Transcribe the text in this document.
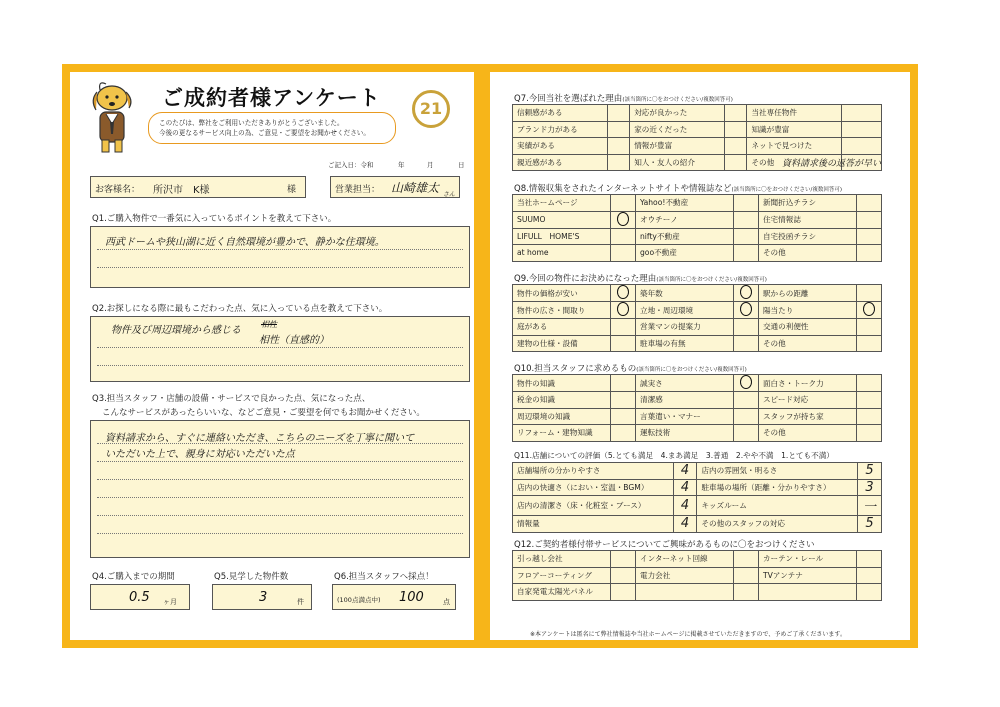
ご成約者様アンケート	21
このたびは、弊社をご利用いただきありがとうございました。
今後の更なるサービス向上の為、ご意見・ご要望をお聞かせください。
ご記入日：令和	年	月	日
お客様名： 所沢市　K様	様	営業担当： 山崎雄太 さん
Q1.ご購入物件で一番気に入っているポイントを教えて下さい。
西武ドームや狭山湖に近く自然環境が豊かで、静かな住環境。
Q2.お探しになる際に最もこだわった点、気に入っている点を教えて下さい。
物件及び周辺環境から感じる
相性
相性（直感的）
Q3.担当スタッフ・店舗の設備・サービスで良かった点、気になった点、
こんなサービスがあったらいいな、などご意見・ご要望を何でもお聞かせください。
資料請求から、すぐに連絡いただき、こちらのニーズを丁寧に聞いて
いただいた上で、親身に対応いただいた点
Q4.ご購入までの期間
0.5 ヶ月
Q5.見学した物件数
3	件
Q6.担当スタッフへ採点！
(100点満点中) 100	点
Q7.今回当社を選ばれた理由(該当箇所に〇をおつけください/複数回答可)
信頼感がある		対応が良かった		当社専任物件	
ブランド力がある		家の近くだった		知識が豊富	
実績がある		情報が豊富		ネットで見つけた	
親近感がある		知人・友人の紹介		その他	資料請求後の返答が早い
Q8.情報収集をされたインターネットサイトや情報誌など(該当箇所に〇をおつけください/複数回答可)
当社ホームページ		Yahoo!不動産		新聞折込チラシ	
SUUMO		オウチーノ		住宅情報誌	
LIFULL　HOME'S		nifty不動産		自宅投函チラシ	
at home		goo不動産		その他	
Q9.今回の物件にお決めになった理由(該当箇所に〇をおつけください/複数回答可)
物件の価格が安い		築年数		駅からの距離	
物件の広さ・間取り		立地・周辺環境		陽当たり	
庭がある		営業マンの提案力		交通の利便性	
建物の仕様・設備		駐車場の有無		その他	
Q10.担当スタッフに求めるもの(該当箇所に〇をおつけください/複数回答可)
物件の知識		誠実さ		面白さ・トーク力	
税金の知識		清潔感		スピード対応	
周辺環境の知識		言葉遣い・マナー		スタッフが持ち家	
リフォーム・建物知識		運転技術		その他	
Q11.店舗についての評価（5.とても満足　4.まあ満足　3.普通　2.やや不満　1.とても不満）
店舗場所の分かりやすさ	4	店内の雰囲気・明るさ	5
店内の快適さ（におい・室温・BGM）	4	駐車場の場所（距離・分かりやすさ）	3
店内の清潔さ（床・化粧室・ブース）	4	キッズルーム	一
情報量	4	その他のスタッフの対応	5
Q12.ご契約者様付帯サービスについてご興味があるものに〇をおつけください
引っ越し会社		インターネット回線		カーテン・レール	
フロアーコーティング		電力会社		TVアンテナ	
自家発電太陽光パネル					
※本アンケートは匿名にて弊社情報誌や当社ホームページに掲載させていただきますので、予めご了承くださいます。
